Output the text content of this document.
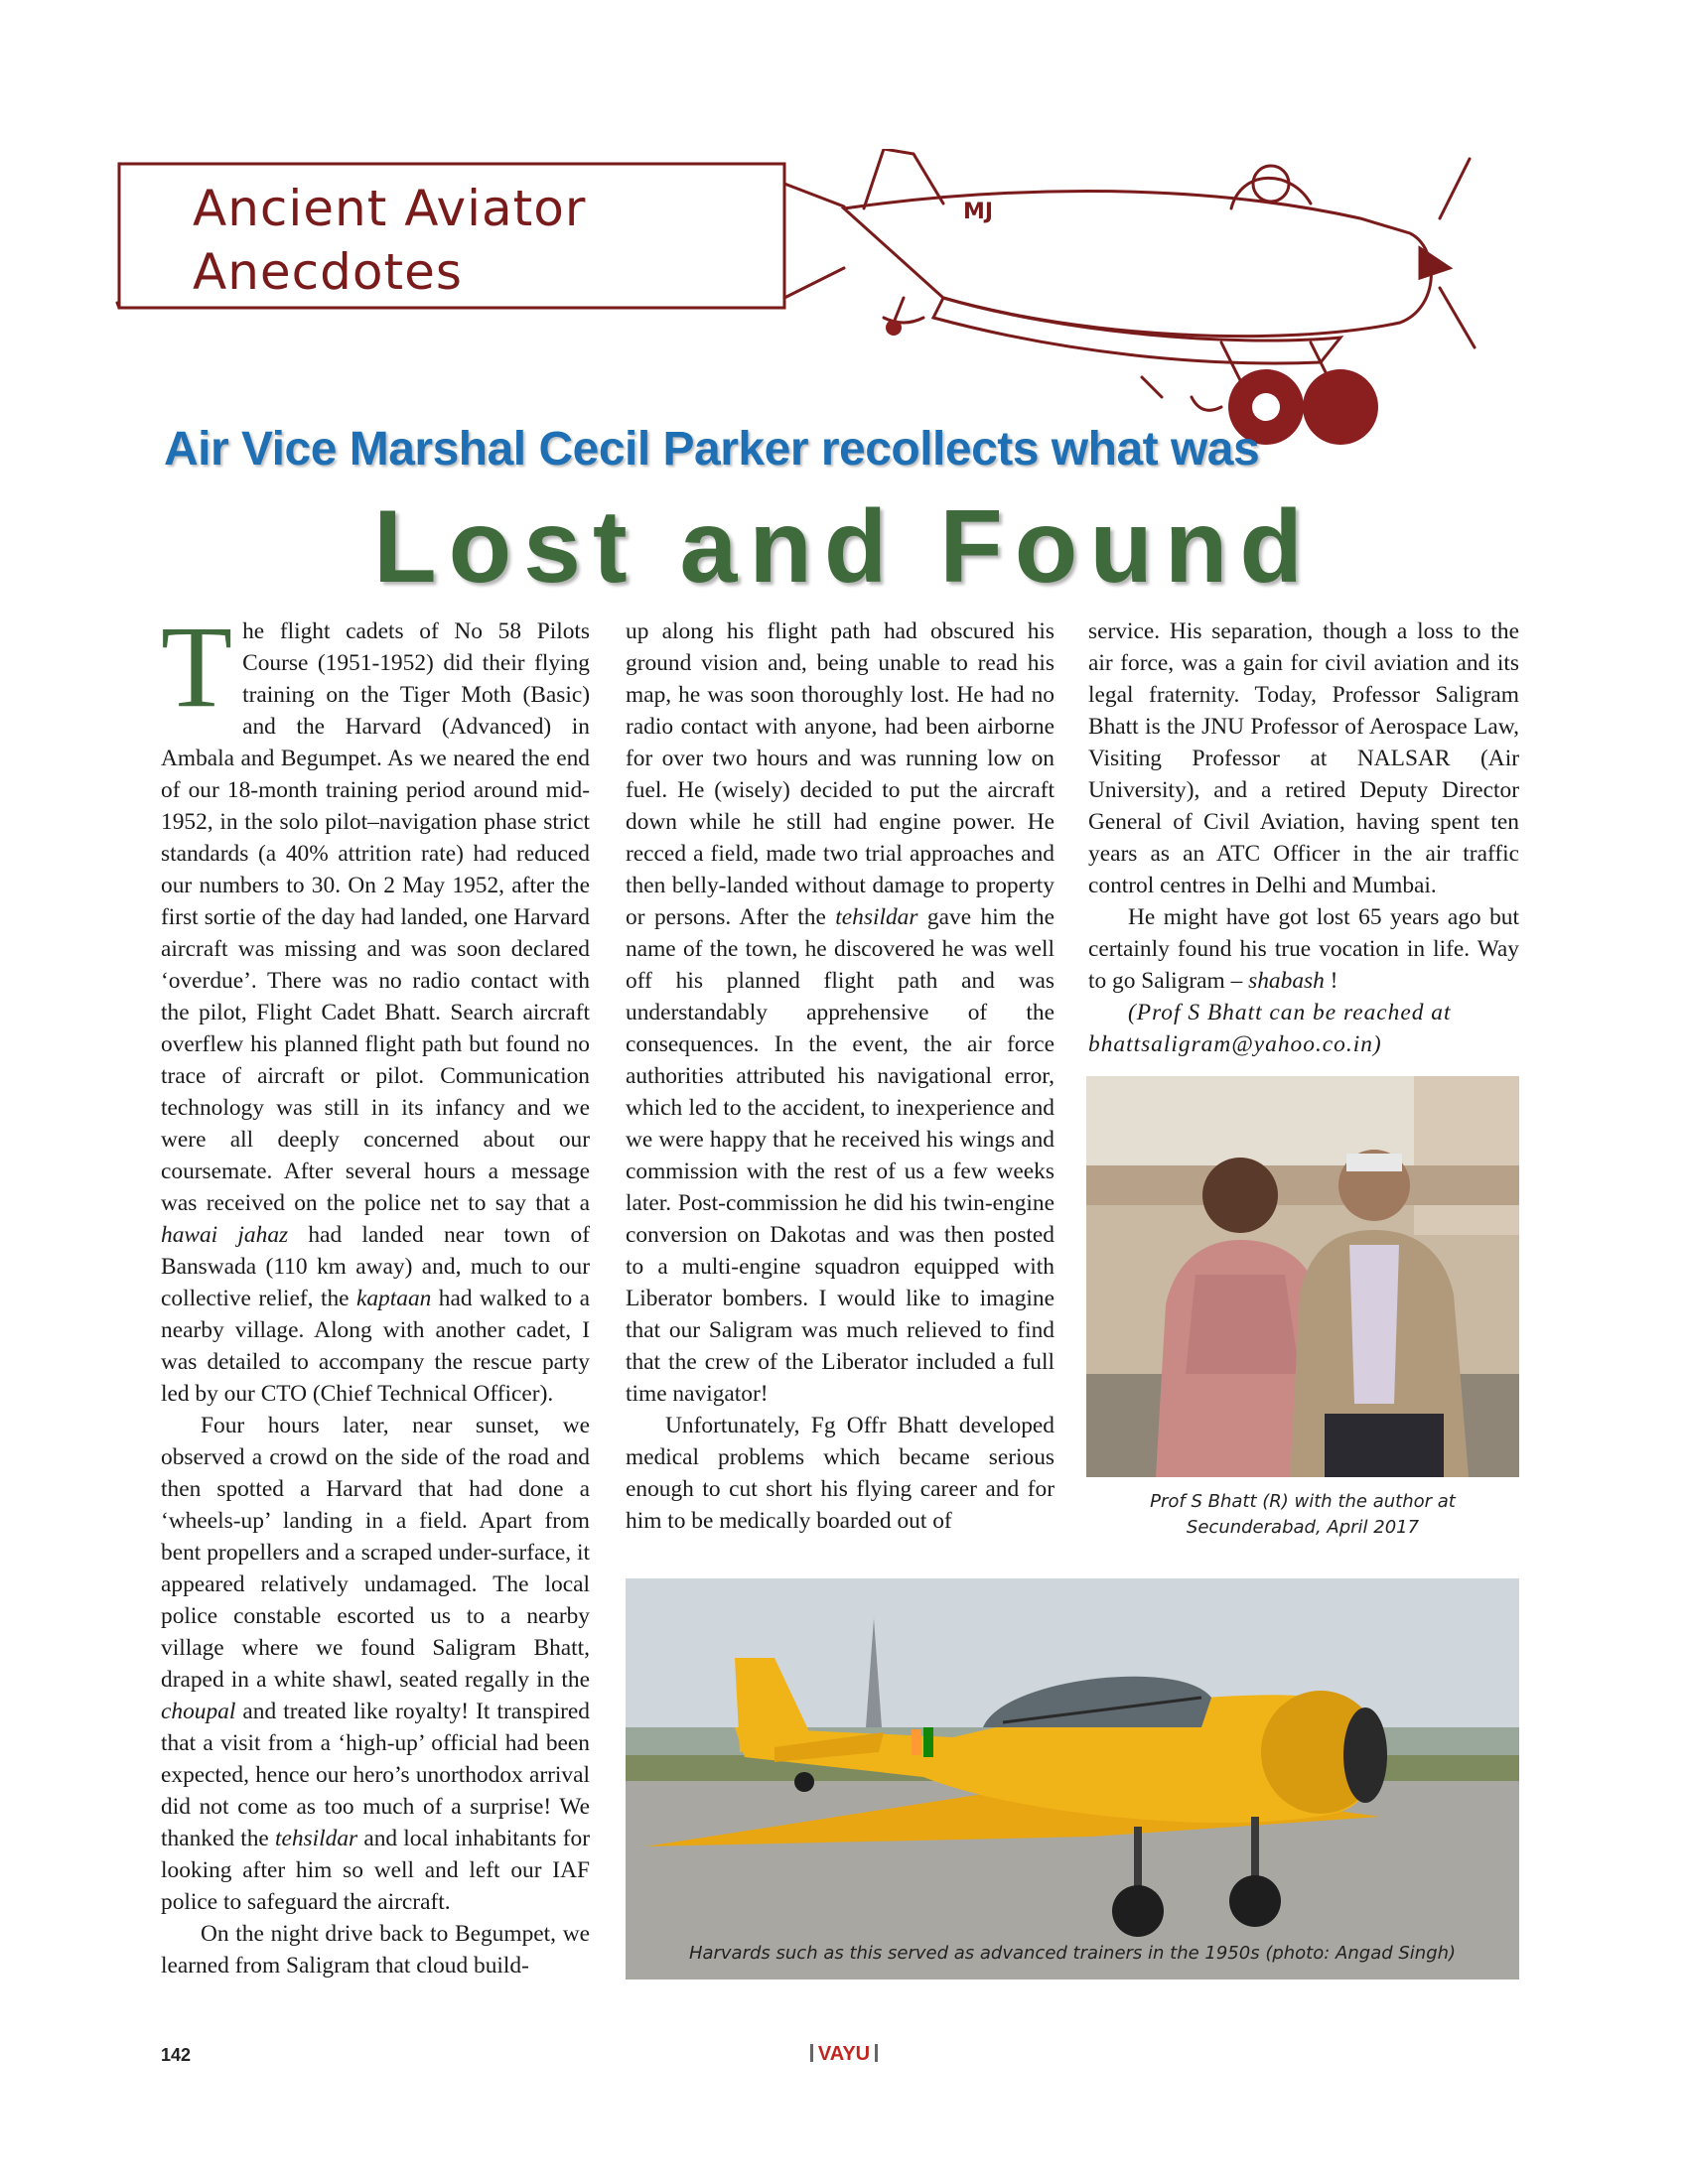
MJ
Ancient Aviator
Anecdotes
Air Vice Marshal Cecil Parker recollects what was
Lost and Found

The flight cadets of No 58 Pilots Course (1951-1952) did their flying training on the Tiger Moth (Basic) and the Harvard (Advanced) in Ambala and Begumpet. As we neared the end of our 18-month training period around mid-1952, in the solo pilot–navigation phase strict standards (a 40% attrition rate) had reduced our numbers to 30. On 2 May 1952, after the first sortie of the day had landed, one Harvard aircraft was missing and was soon declared ‘overdue’. There was no radio contact with the pilot, Flight Cadet Bhatt. Search aircraft overflew his planned flight path but found no trace of aircraft or pilot. Communication technology was still in its infancy and we were all deeply concerned about our coursemate. After several hours a message was received on the police net to say that a hawai jahaz had landed near town of Banswada (110 km away) and, much to our collective relief, the kaptaan had walked to a nearby village. Along with another cadet, I was detailed to accompany the rescue party led by our CTO (Chief Technical Officer).

Four hours later, near sunset, we observed a crowd on the side of the road and then spotted a Harvard that had done a ‘wheels-up’ landing in a field. Apart from bent propellers and a scraped under-surface, it appeared relatively undamaged. The local police constable escorted us to a nearby village where we found Saligram Bhatt, draped in a white shawl, seated regally in the choupal and treated like royalty! It transpired that a visit from a ‘high-up’ official had been expected, hence our hero’s unorthodox arrival did not come as too much of a surprise! We thanked the tehsildar and local inhabitants for looking after him so well and left our IAF police to safeguard the aircraft.

On the night drive back to Begumpet, we learned from Saligram that cloud build-

up along his flight path had obscured his ground vision and, being unable to read his map, he was soon thoroughly lost. He had no radio contact with anyone, had been airborne for over two hours and was running low on fuel. He (wisely) decided to put the aircraft down while he still had engine power. He recced a field, made two trial approaches and then belly-landed without damage to property or persons. After the tehsildar gave him the name of the town, he discovered he was well off his planned flight path and was understandably apprehensive of the consequences. In the event, the air force authorities attributed his navigational error, which led to the accident, to inexperience and we were happy that he received his wings and commission with the rest of us a few weeks later. Post-commission he did his twin-engine conversion on Dakotas and was then posted to a multi-engine squadron equipped with Liberator bombers. I would like to imagine that our Saligram was much relieved to find that the crew of the Liberator included a full time navigator!

Unfortunately, Fg Offr Bhatt developed medical problems which became serious enough to cut short his flying career and for him to be medically boarded out of

service. His separation, though a loss to the air force, was a gain for civil aviation and its legal fraternity. Today, Professor Saligram Bhatt is the JNU Professor of Aerospace Law, Visiting Professor at NALSAR (Air University), and a retired Deputy Director General of Civil Aviation, having spent ten years as an ATC Officer in the air traffic control centres in Delhi and Mumbai.

He might have got lost 65 years ago but certainly found his true vocation in life. Way to go Saligram – shabash !

(Prof S Bhatt can be reached at
bhattsaligram@yahoo.co.in)

Prof S Bhatt (R) with the author at
Secunderabad, April 2017
Harvards such as this served as advanced trainers in the 1950s (photo: Angad Singh)
142	VAYU
